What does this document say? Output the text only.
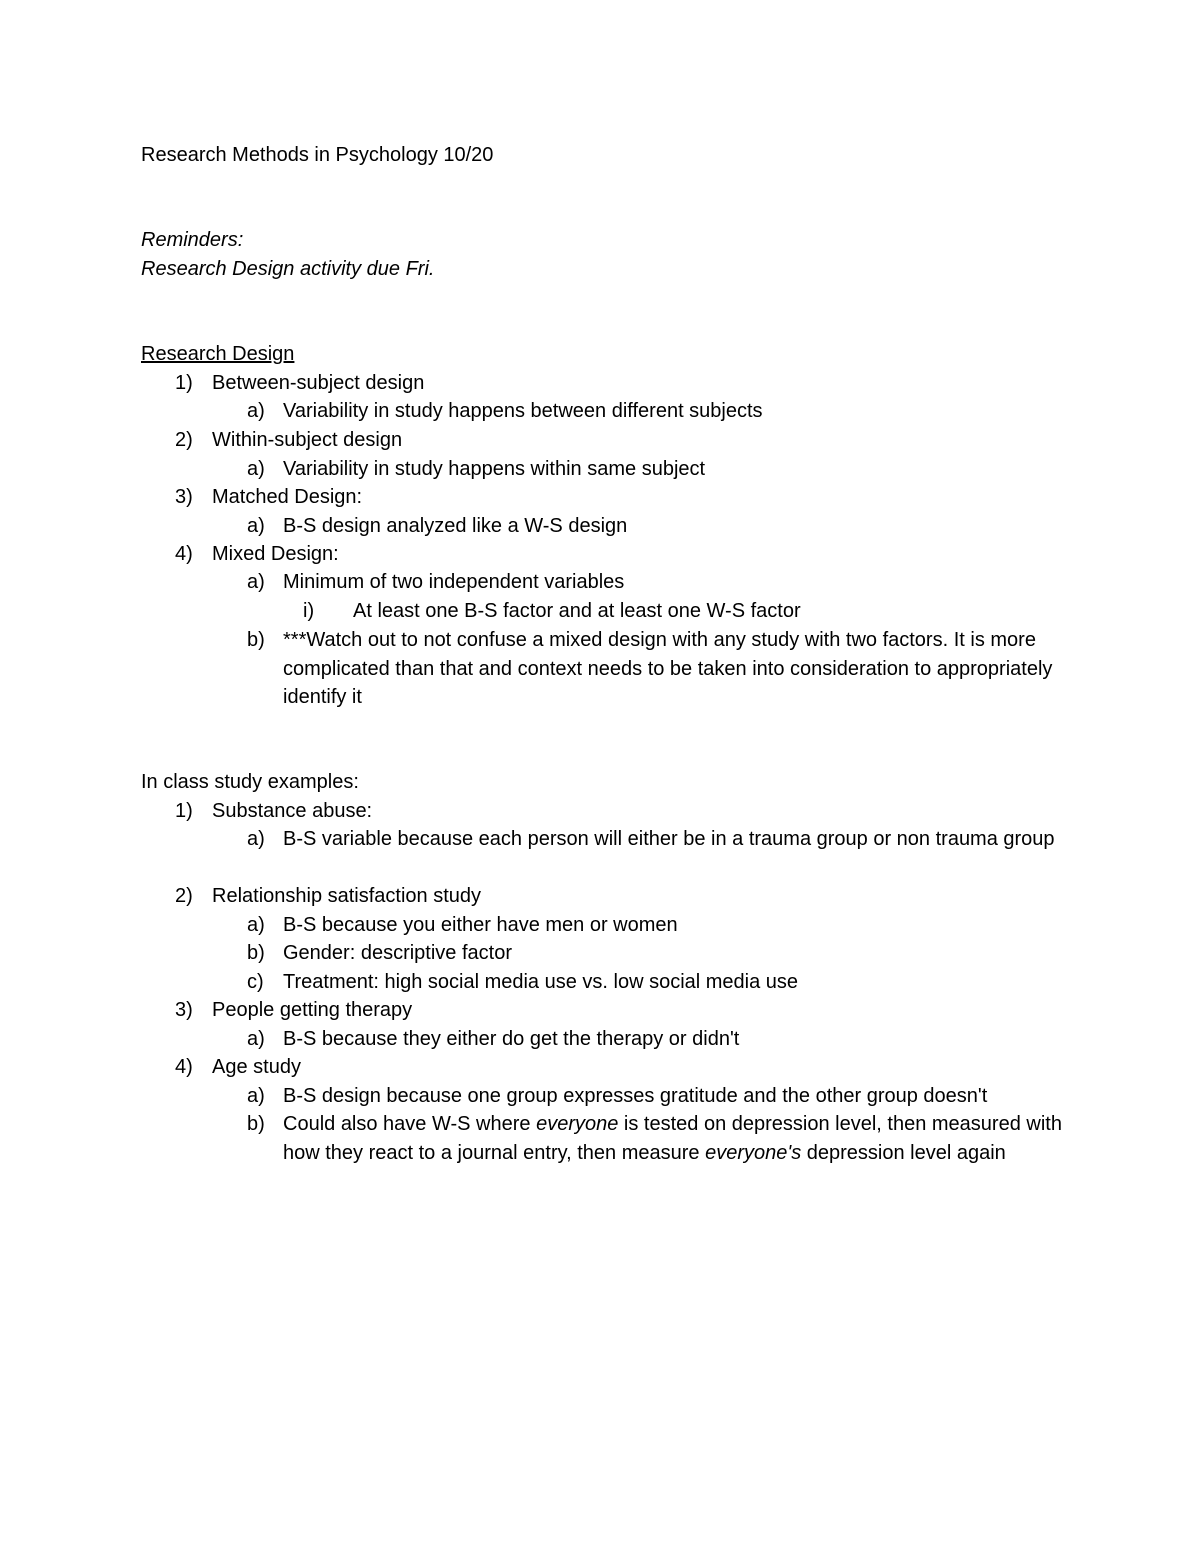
Research Methods in Psychology 10/20
Reminders:
Research Design activity due Fri.
Research Design
1) Between-subject design
a) Variability in study happens between different subjects
2) Within-subject design
a) Variability in study happens within same subject
3) Matched Design:
a) B-S design analyzed like a W-S design
4) Mixed Design:
a) Minimum of two independent variables
i) At least one B-S factor and at least one W-S factor
b) ***Watch out to not confuse a mixed design with any study with two factors. It is more complicated than that and context needs to be taken into consideration to appropriately identify it
In class study examples:
1) Substance abuse:
a) B-S variable because each person will either be in a trauma group or non trauma group
2) Relationship satisfaction study
a) B-S because you either have men or women
b) Gender: descriptive factor
c) Treatment: high social media use vs. low social media use
3) People getting therapy
a) B-S because they either do get the therapy or didn't
4) Age study
a) B-S design because one group expresses gratitude and the other group doesn't
b) Could also have W-S where everyone is tested on depression level, then measured with how they react to a journal entry, then measure everyone's depression level again
